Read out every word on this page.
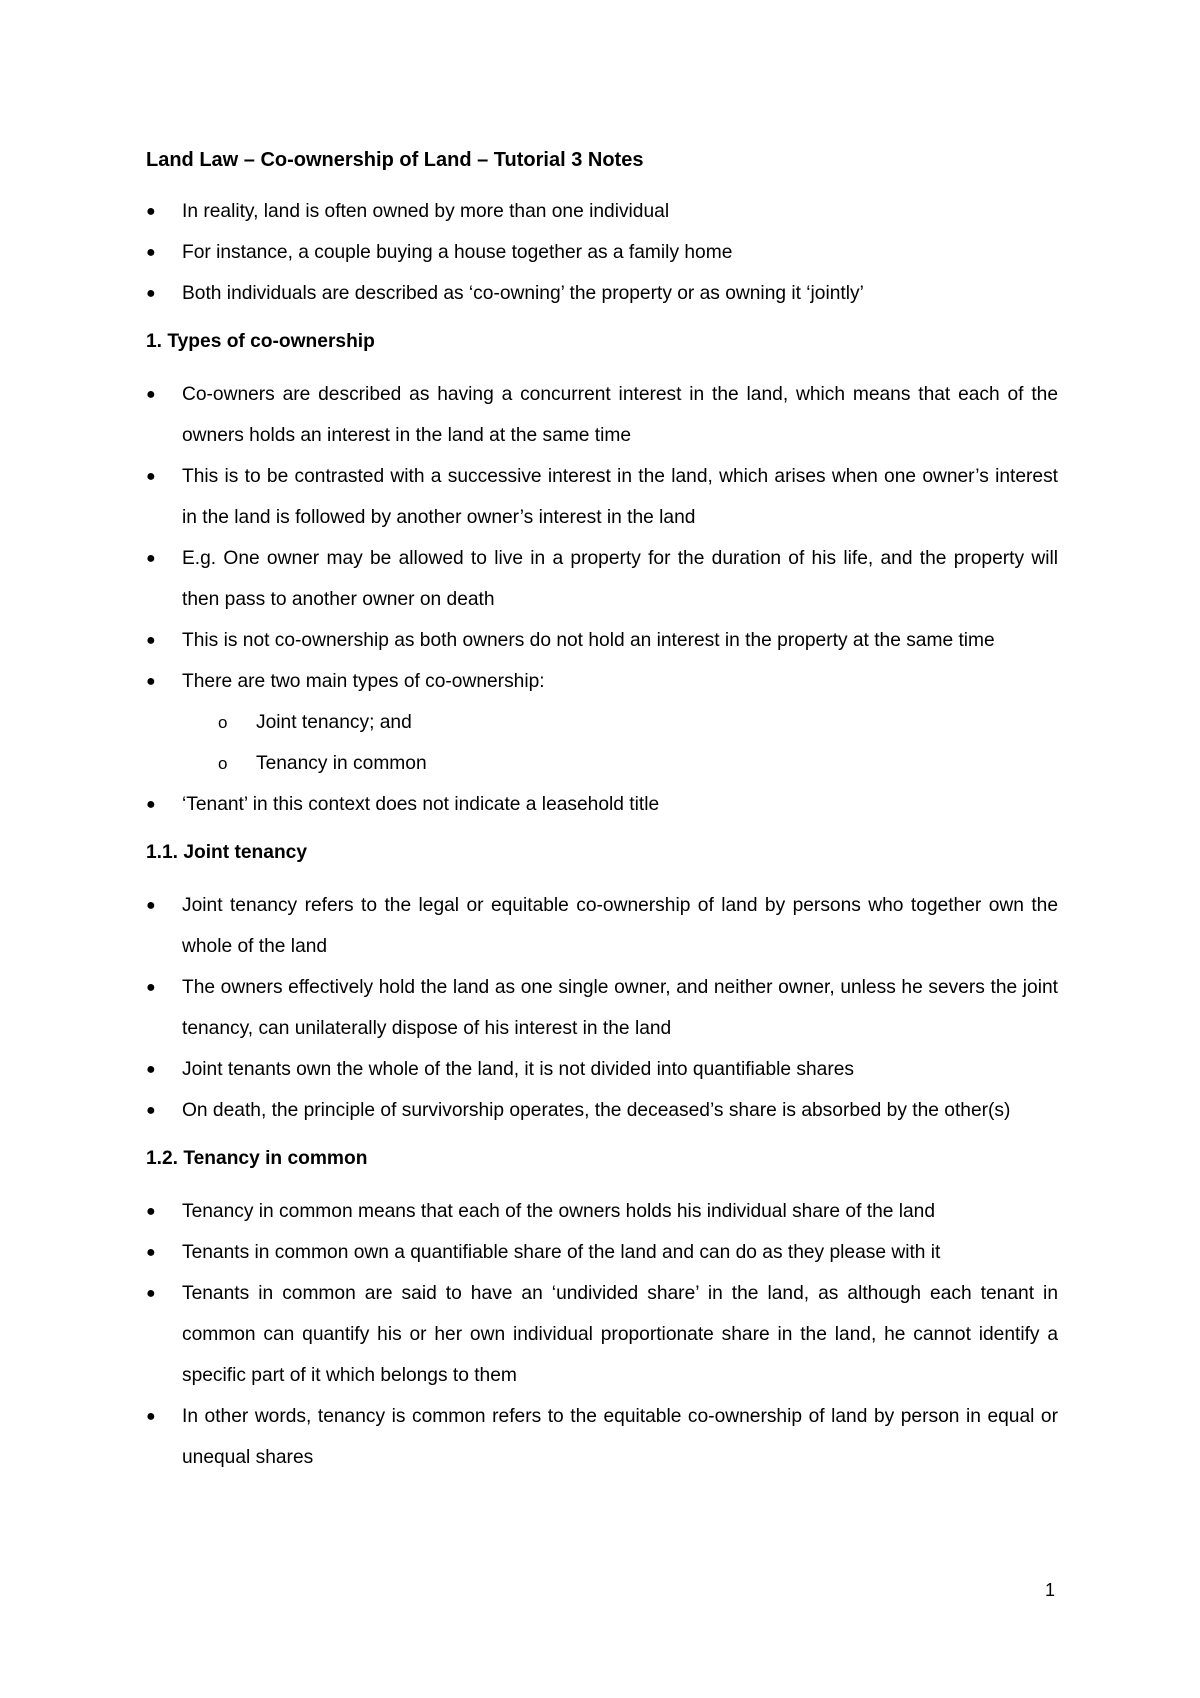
Land Law – Co-ownership of Land – Tutorial 3 Notes
●	In reality, land is often owned by more than one individual
●	For instance, a couple buying a house together as a family home
●	Both individuals are described as ‘co-owning’ the property or as owning it ‘jointly’
1. Types of co-ownership
●	Co-owners are described as having a concurrent interest in the land, which means that each of the owners holds an interest in the land at the same time
●	This is to be contrasted with a successive interest in the land, which arises when one owner’s interest in the land is followed by another owner’s interest in the land
●	E.g. One owner may be allowed to live in a property for the duration of his life, and the property will then pass to another owner on death
●	This is not co-ownership as both owners do not hold an interest in the property at the same time
●	There are two main types of co-ownership:
o Joint tenancy; and
o Tenancy in common
●	‘Tenant’ in this context does not indicate a leasehold title
1.1. Joint tenancy
●	Joint tenancy refers to the legal or equitable co-ownership of land by persons who together own the whole of the land
●	The owners effectively hold the land as one single owner, and neither owner, unless he severs the joint tenancy, can unilaterally dispose of his interest in the land
●	Joint tenants own the whole of the land, it is not divided into quantifiable shares
●	On death, the principle of survivorship operates, the deceased’s share is absorbed by the other(s)
1.2. Tenancy in common
●	Tenancy in common means that each of the owners holds his individual share of the land
●	Tenants in common own a quantifiable share of the land and can do as they please with it
●	Tenants in common are said to have an ‘undivided share’ in the land, as although each tenant in common can quantify his or her own individual proportionate share in the land, he cannot identify a specific part of it which belongs to them
●	In other words, tenancy is common refers to the equitable co-ownership of land by person in equal or unequal shares
1
